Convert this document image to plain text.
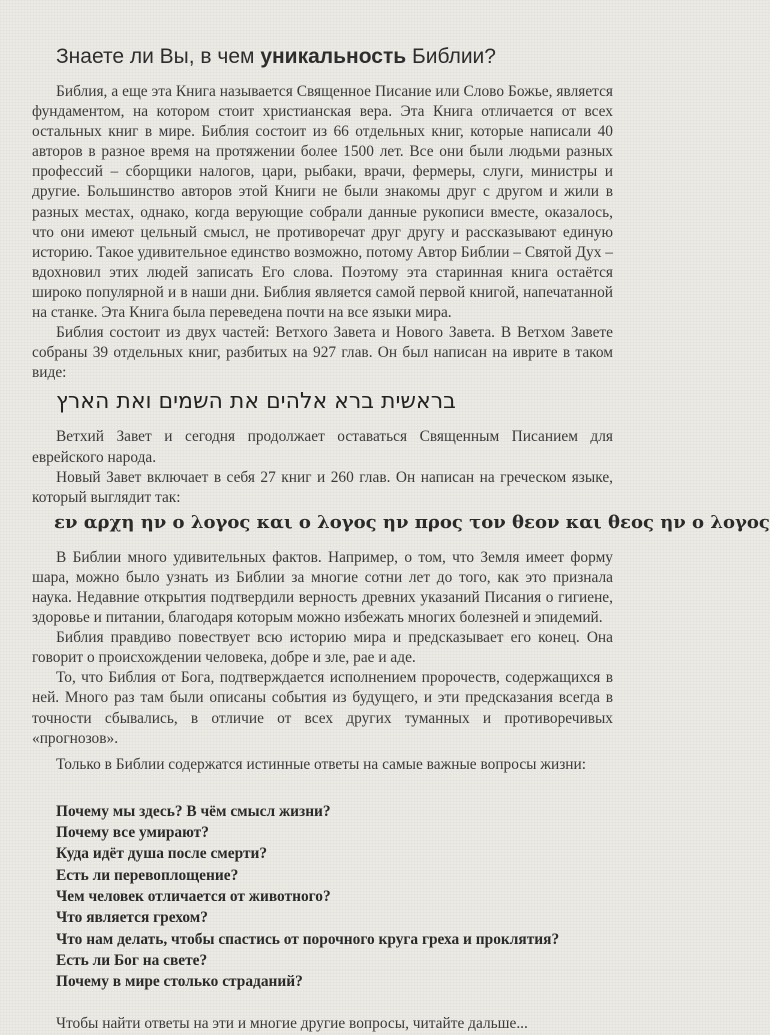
Знаете ли Вы, в чем уникальность Библии?

Библия, а еще эта Книга называется Священное Писание или Слово Божье, является фундаментом, на котором стоит христианская вера. Эта Книга отличается от всех остальных книг в мире. Библия состоит из 66 отдельных книг, которые написали 40 авторов в разное время на протяжении более 1500 лет. Все они были людьми разных профессий – сборщики налогов, цари, рыбаки, врачи, фермеры, слуги, министры и другие. Большинство авторов этой Книги не были знакомы друг с другом и жили в разных местах, однако, когда верующие собрали данные рукописи вместе, оказалось, что они имеют цельный смысл, не противоречат друг другу и рассказывают единую историю. Такое удивительное единство возможно, потому Автор Библии – Святой Дух – вдохновил этих людей записать Его слова. Поэтому эта старинная книга остаётся широко популярной и в наши дни. Библия является самой первой книгой, напечатанной на станке. Эта Книга была переведена почти на все языки мира.

Библия состоит из двух частей: Ветхого Завета и Нового Завета. В Ветхом Завете собраны 39 отдельных книг, разбитых на 927 глав. Он был написан на иврите в таком виде:

בראשית ברא אלהים את השמים ואת הארץ

Ветхий Завет и сегодня продолжает оставаться Священным Писанием для еврейского народа.

Новый Завет включает в себя 27 книг и 260 глав. Он написан на греческом языке, который выглядит так:

εν αρχη ην ο λογος και ο λογος ην προς τον θεον και θεος ην ο λογος

В Библии много удивительных фактов. Например, о том, что Земля имеет форму шара, можно было узнать из Библии за многие сотни лет до того, как это признала наука. Недавние открытия подтвердили верность древних указаний Писания о гигиене, здоровье и питании, благодаря которым можно избежать многих болезней и эпидемий.

Библия правдиво повествует всю историю мира и предсказывает его конец. Она говорит о происхождении человека, добре и зле, рае и аде.

То, что Библия от Бога, подтверждается исполнением пророчеств, содержащихся в ней. Много раз там были описаны события из будущего, и эти предсказания всегда в точности сбывались, в отличие от всех других туманных и противоречивых «прогнозов».

Только в Библии содержатся истинные ответы на самые важные вопросы жизни:

Почему мы здесь? В чём смысл жизни?
Почему все умирают?
Куда идёт душа после смерти?
Есть ли перевоплощение?
Чем человек отличается от животного?
Что является грехом?
Что нам делать, чтобы спастись от порочного круга греха и проклятия?
Есть ли Бог на свете?
Почему в мире столько страданий?

Чтобы найти ответы на эти и многие другие вопросы, читайте дальше...
